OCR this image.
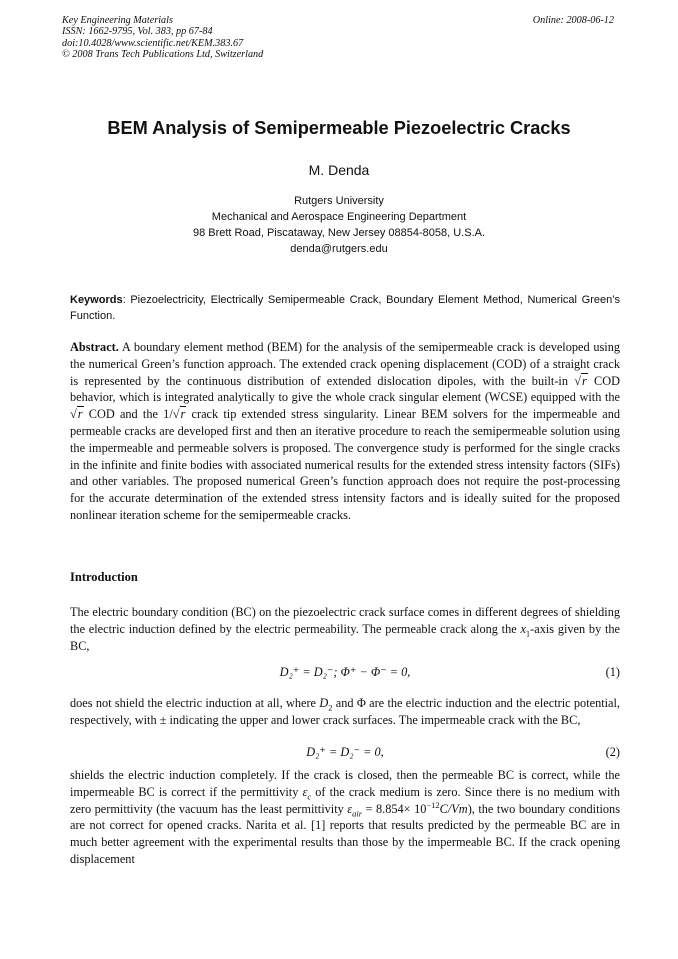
Key Engineering Materials
ISSN: 1662-9795, Vol. 383, pp 67-84
doi:10.4028/www.scientific.net/KEM.383.67
© 2008 Trans Tech Publications Ltd, Switzerland
Online: 2008-06-12
BEM Analysis of Semipermeable Piezoelectric Cracks
M. Denda
Rutgers University
Mechanical and Aerospace Engineering Department
98 Brett Road, Piscataway, New Jersey 08854-8058, U.S.A.
denda@rutgers.edu
Keywords: Piezoelectricity, Electrically Semipermeable Crack, Boundary Element Method, Numerical Green’s Function.
Abstract. A boundary element method (BEM) for the analysis of the semipermeable crack is developed using the numerical Green’s function approach. The extended crack opening displacement (COD) of a straight crack is represented by the continuous distribution of extended dislocation dipoles, with the built-in √r COD behavior, which is integrated analytically to give the whole crack singular element (WCSE) equipped with the √r COD and the 1/√r crack tip extended stress singularity. Linear BEM solvers for the impermeable and permeable cracks are developed first and then an iterative procedure to reach the semipermeable solution using the impermeable and permeable solvers is proposed. The convergence study is performed for the single cracks in the infinite and finite bodies with associated numerical results for the extended stress intensity factors (SIFs) and other variables. The proposed numerical Green’s function approach does not require the post-processing for the accurate determination of the extended stress intensity factors and is ideally suited for the proposed nonlinear iteration scheme for the semipermeable cracks.
Introduction
The electric boundary condition (BC) on the piezoelectric crack surface comes in different degrees of shielding the electric induction defined by the electric permeability. The permeable crack along the $x_1$-axis given by the BC,
D₂⁺ = D₂⁻; Φ⁺ − Φ⁻ = 0,	(1)
does not shield the electric induction at all, where $D_2$ and Φ are the electric induction and the electric potential, respectively, with ± indicating the upper and lower crack surfaces. The impermeable crack with the BC,
D₂⁺ = D₂⁻ = 0,	(2)
shields the electric induction completely. If the crack is closed, then the permeable BC is correct, while the impermeable BC is correct if the permittivity $\varepsilon_c$ of the crack medium is zero. Since there is no medium with zero permittivity (the vacuum has the least permittivity $\varepsilon_{air} = 8.854\times 10^{-12}C/Vm$), the two boundary conditions are not correct for opened cracks. Narita et al. [1] reports that results predicted by the permeable BC are in much better agreement with the experimental results than those by the impermeable BC. If the crack opening displacement
